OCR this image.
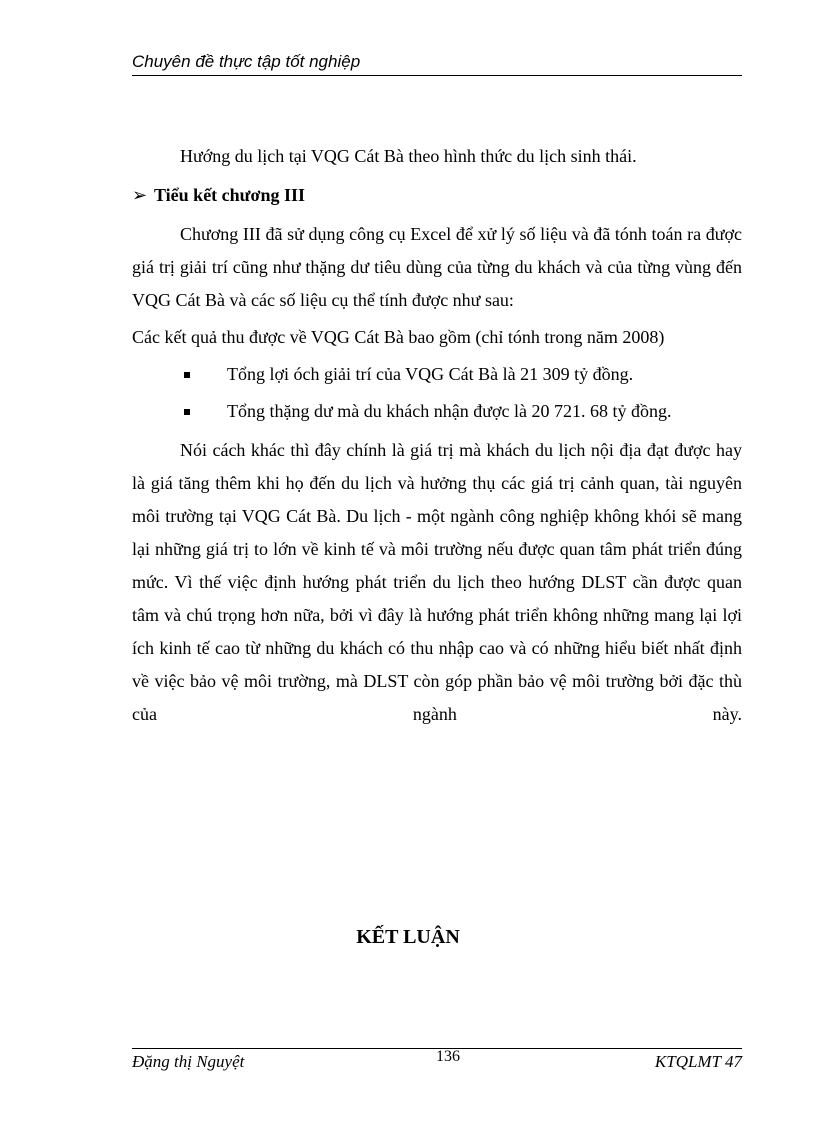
Chuyên đề thực tập tốt nghiệp

Hướng du lịch tại VQG Cát Bà theo hình thức du lịch sinh thái.

➢ Tiểu kết chương III

Chương III đã sử dụng công cụ Excel để xử lý số liệu và đã tónh toán ra được giá trị giải trí cũng như thặng dư tiêu dùng của từng du khách và của từng vùng đến VQG Cát Bà và các số liệu cụ thể tính được như sau:

Các kết quả thu được về VQG Cát Bà bao gồm (chỉ tónh trong năm 2008)

Tổng lợi óch giải trí của VQG Cát Bà là 21 309 tỷ đồng.
Tổng thặng dư mà du khách nhận được là 20 721. 68 tỷ đồng.

Nói cách khác thì đây chính là giá trị mà khách du lịch nội địa đạt được hay là giá tăng thêm khi họ đến du lịch và hưởng thụ các giá trị cảnh quan, tài nguyên môi trường tại VQG Cát Bà. Du lịch - một ngành công nghiệp không khói sẽ mang lại những giá trị to lớn về kinh tế và môi trường nếu được quan tâm phát triển đúng mức. Vì thế việc định hướng phát triển du lịch theo hướng DLST cần được quan tâm và chú trọng hơn nữa, bởi vì đây là hướng phát triển không những mang lại lợi ích kinh tế cao từ những du khách có thu nhập cao và có những hiểu biết nhất định về việc bảo vệ môi trường, mà DLST còn góp phần bảo vệ môi trường bởi đặc thù của ngành này.

KẾT LUẬN
Đặng thị Nguyệt	136	KTQLMT 47
